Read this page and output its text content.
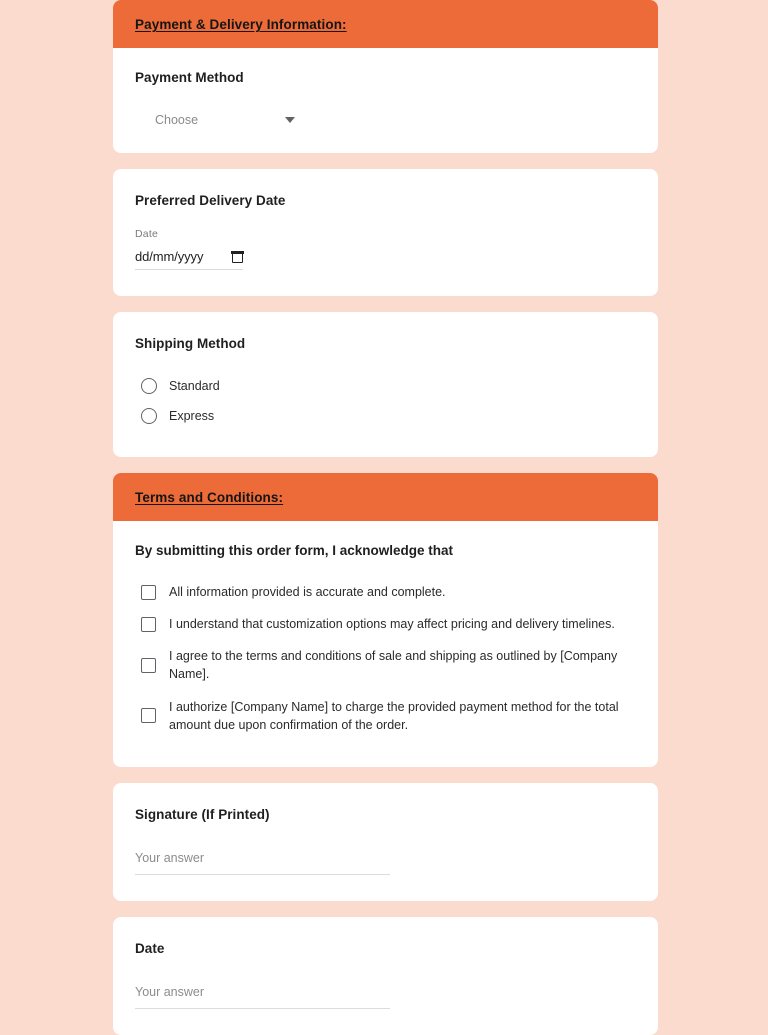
Payment & Delivery Information:
Payment Method
Choose
Preferred Delivery Date
Date
dd/mm/yyyy
Shipping Method
Standard
Express
Terms and Conditions:
By submitting this order form, I acknowledge that
All information provided is accurate and complete.
I understand that customization options may affect pricing and delivery timelines.
I agree to the terms and conditions of sale and shipping as outlined by [Company Name].
I authorize [Company Name] to charge the provided payment method for the total amount due upon confirmation of the order.
Signature (If Printed)
Your answer
Date
Your answer
